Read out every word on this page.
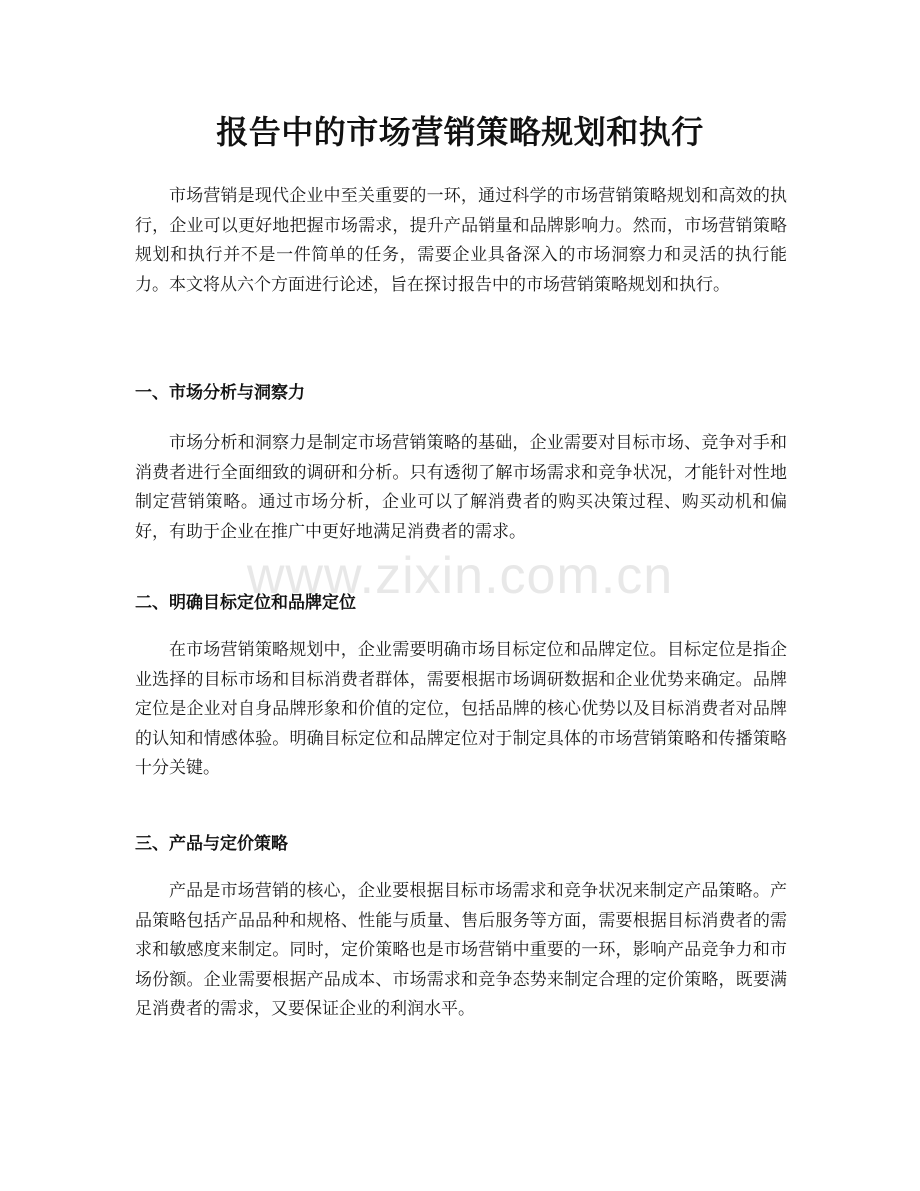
报告中的市场营销策略规划和执行

市场营销是现代企业中至关重要的一环，通过科学的市场营销策略规划和高效的执行，企业可以更好地把握市场需求，提升产品销量和品牌影响力。然而，市场营销策略规划和执行并不是一件简单的任务，需要企业具备深入的市场洞察力和灵活的执行能力。本文将从六个方面进行论述，旨在探讨报告中的市场营销策略规划和执行。

一、市场分析与洞察力

市场分析和洞察力是制定市场营销策略的基础，企业需要对目标市场、竞争对手和消费者进行全面细致的调研和分析。只有透彻了解市场需求和竞争状况，才能针对性地制定营销策略。通过市场分析，企业可以了解消费者的购买决策过程、购买动机和偏好，有助于企业在推广中更好地满足消费者的需求。

二、明确目标定位和品牌定位

在市场营销策略规划中，企业需要明确市场目标定位和品牌定位。目标定位是指企业选择的目标市场和目标消费者群体，需要根据市场调研数据和企业优势来确定。品牌定位是企业对自身品牌形象和价值的定位，包括品牌的核心优势以及目标消费者对品牌的认知和情感体验。明确目标定位和品牌定位对于制定具体的市场营销策略和传播策略十分关键。

三、产品与定价策略

产品是市场营销的核心，企业要根据目标市场需求和竞争状况来制定产品策略。产品策略包括产品品种和规格、性能与质量、售后服务等方面，需要根据目标消费者的需求和敏感度来制定。同时，定价策略也是市场营销中重要的一环，影响产品竞争力和市场份额。企业需要根据产品成本、市场需求和竞争态势来制定合理的定价策略，既要满足消费者的需求，又要保证企业的利润水平。

www.zixin.com.cn
